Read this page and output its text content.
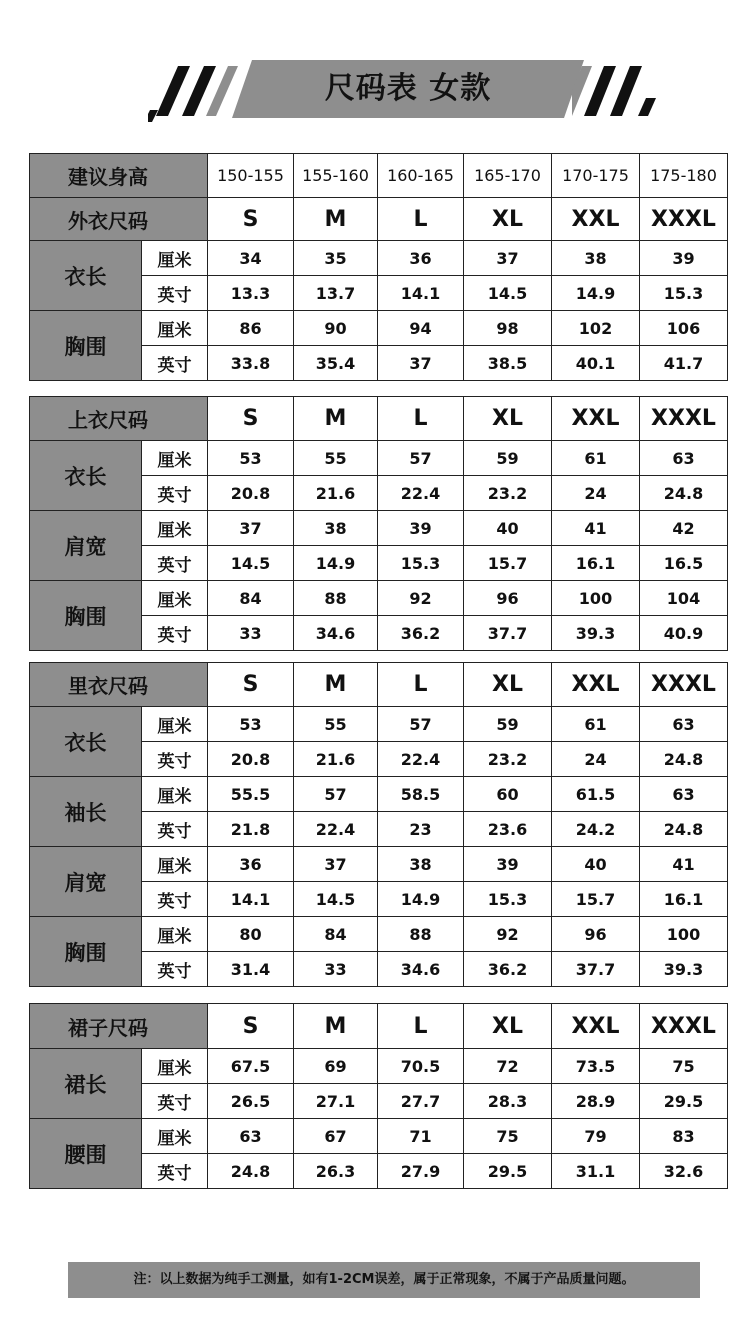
尺码表 女款
建议身高		150-155	155-160	160-165	165-170	170-175	175-180
外衣尺码		S	M	L	XL	XXL	XXXL
衣长	厘米	34	35	36	37	38	39
	英寸	13.3	13.7	14.1	14.5	14.9	15.3
胸围	厘米	86	90	94	98	102	106
	英寸	33.8	35.4	37	38.5	40.1	41.7
上衣尺码		S	M	L	XL	XXL	XXXL
衣长	厘米	53	55	57	59	61	63
	英寸	20.8	21.6	22.4	23.2	24	24.8
肩宽	厘米	37	38	39	40	41	42
	英寸	14.5	14.9	15.3	15.7	16.1	16.5
胸围	厘米	84	88	92	96	100	104
	英寸	33	34.6	36.2	37.7	39.3	40.9
里衣尺码		S	M	L	XL	XXL	XXXL
衣长	厘米	53	55	57	59	61	63
	英寸	20.8	21.6	22.4	23.2	24	24.8
袖长	厘米	55.5	57	58.5	60	61.5	63
	英寸	21.8	22.4	23	23.6	24.2	24.8
肩宽	厘米	36	37	38	39	40	41
	英寸	14.1	14.5	14.9	15.3	15.7	16.1
胸围	厘米	80	84	88	92	96	100
	英寸	31.4	33	34.6	36.2	37.7	39.3
裙子尺码		S	M	L	XL	XXL	XXXL
裙长	厘米	67.5	69	70.5	72	73.5	75
	英寸	26.5	27.1	27.7	28.3	28.9	29.5
腰围	厘米	63	67	71	75	79	83
	英寸	24.8	26.3	27.9	29.5	31.1	32.6
注：以上数据为纯手工测量，如有1-2CM误差，属于正常现象，不属于产品质量问题。
